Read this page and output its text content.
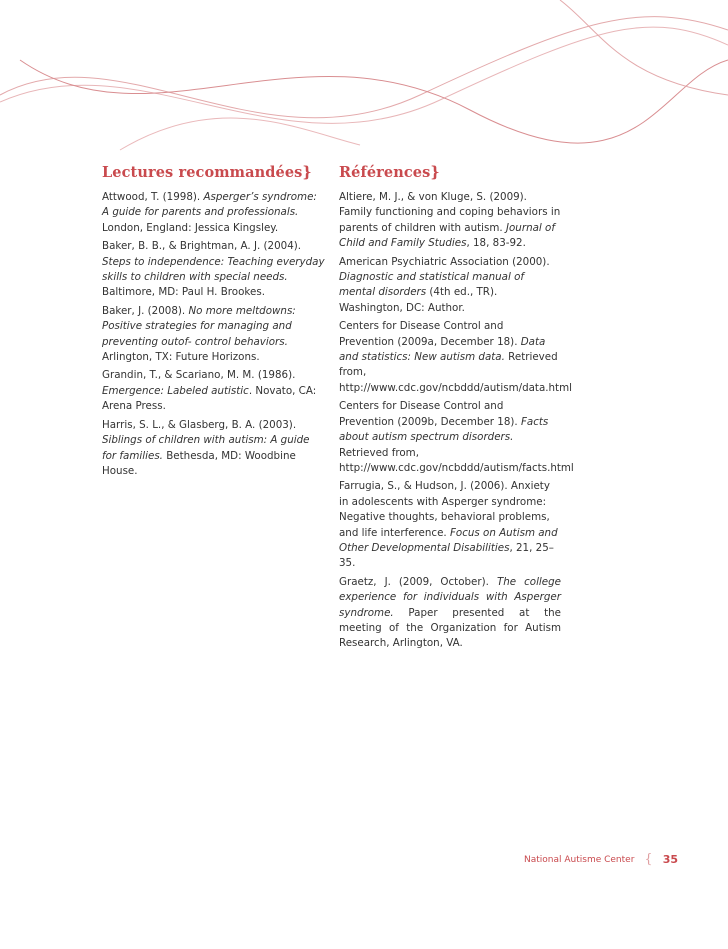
Lectures recommandées}

Attwood, T. (1998). Asperger’s syndrome: A guide for parents and professionals. London, England: Jessica Kingsley.

Baker, B. B., & Brightman, A. J. (2004). Steps to independence: Teaching everyday skills to children with special needs. Baltimore, MD: Paul H. Brookes.

Baker, J. (2008). No more meltdowns: Positive strategies for managing and preventing outof- control behaviors. Arlington, TX: Future Horizons.

Grandin, T., & Scariano, M. M. (1986). Emergence: Labeled autistic. Novato, CA: Arena Press.

Harris, S. L., & Glasberg, B. A. (2003). Siblings of children with autism: A guide for families. Bethesda, MD: Woodbine House.

Références}

Altiere, M. J., & von Kluge, S. (2009). Family functioning and coping behaviors in parents of children with autism. Journal of Child and Family Studies, 18, 83-92.

American Psychiatric Association (2000). Diagnostic and statistical manual of mental disorders (4th ed., TR). Washington, DC: Author.

Centers for Disease Control and Prevention (2009a, December 18). Data and statistics: New autism data. Retrieved from, http://www.cdc.gov/ncbddd/autism/data.html

Centers for Disease Control and Prevention (2009b, December 18). Facts about autism spectrum disorders. Retrieved from, http://www.cdc.gov/ncbddd/autism/facts.html

Farrugia, S., & Hudson, J. (2006). Anxiety in adolescents with Asperger syndrome: Negative thoughts, behavioral problems, and life interference. Focus on Autism and Other Developmental Disabilities, 21, 25–35.

Graetz, J. (2009, October). The college experience for individuals with Asperger syndrome. Paper presented at the meeting of the Organization for Autism Research, Arlington, VA.

National Autisme Center { 35
